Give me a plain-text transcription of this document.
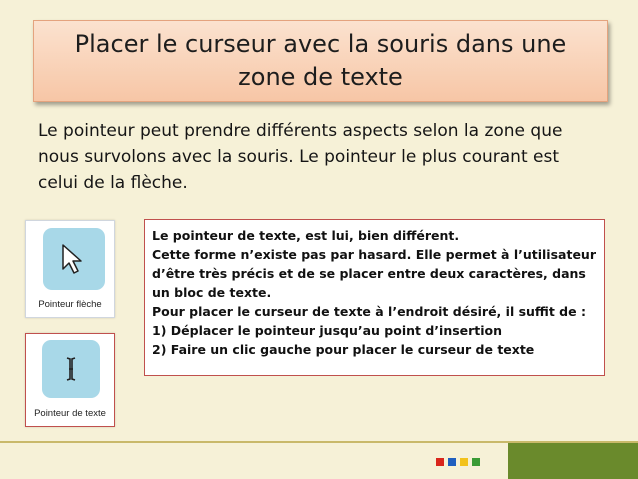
Placer le curseur avec la souris dans une zone de texte
Le pointeur peut prendre différents aspects selon la zone que nous survolons avec la souris. Le pointeur le plus courant est celui de la flèche.
Pointeur flèche
Pointeur de texte

Le pointeur de texte, est lui, bien différent.

Cette forme n’existe pas par hasard. Elle permet à l’utilisateur d’être très précis et de se placer entre deux caractères, dans un bloc de texte.

Pour placer le curseur de texte à l’endroit désiré, il suffit de :

1) Déplacer le pointeur jusqu’au point d’insertion

2) Faire un clic gauche pour placer le curseur de texte
